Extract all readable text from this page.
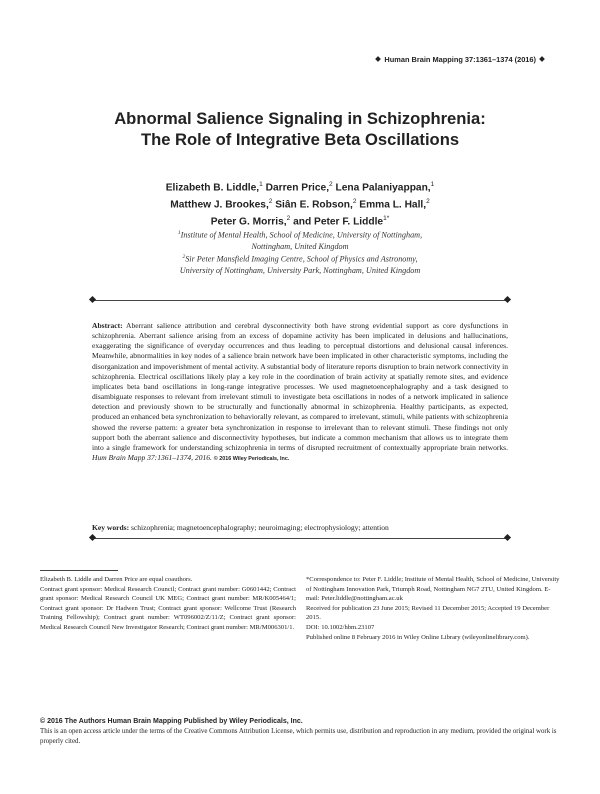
Human Brain Mapping 37:1361–1374 (2016)
Abnormal Salience Signaling in Schizophrenia:
The Role of Integrative Beta Oscillations
Elizabeth B. Liddle,$^1$ Darren Price,$^2$ Lena Palaniyappan,$^1$
Matthew J. Brookes,$^2$ Siân E. Robson,$^2$ Emma L. Hall,$^2$
Peter G. Morris,$^2$ and Peter F. Liddle$^{1*}$
$^1$Institute of Mental Health, School of Medicine, University of Nottingham,
Nottingham, United Kingdom
$^2$Sir Peter Mansfield Imaging Centre, School of Physics and Astronomy,
University of Nottingham, University Park, Nottingham, United Kingdom

Abstract: Aberrant salience attribution and cerebral dysconnectivity both have strong evidential support as core dysfunctions in schizophrenia. Aberrant salience arising from an excess of dopamine activity has been implicated in delusions and hallucinations, exaggerating the significance of everyday occurrences and thus leading to perceptual distortions and delusional causal inferences. Meanwhile, abnormalities in key nodes of a salience brain network have been implicated in other characteristic symptoms, including the disorganization and impoverishment of mental activity. A substantial body of literature reports disruption to brain network connectivity in schizophrenia. Electrical oscillations likely play a key role in the coordination of brain activity at spatially remote sites, and evidence implicates beta band oscillations in long-range integrative processes. We used magnetoencephalography and a task designed to disambiguate responses to relevant from irrelevant stimuli to investigate beta oscillations in nodes of a network implicated in salience detection and previously shown to be structurally and functionally abnormal in schizophrenia. Healthy participants, as expected, produced an enhanced beta synchronization to behaviorally relevant, as compared to irrelevant, stimuli, while patients with schizophrenia showed the reverse pattern: a greater beta synchronization in response to irrelevant than to relevant stimuli. These findings not only support both the aberrant salience and disconnectivity hypotheses, but indicate a common mechanism that allows us to integrate them into a single framework for understanding schizophrenia in terms of disrupted recruitment of contextually appropriate brain networks. Hum Brain Mapp 37:1361–1374, 2016. © 2016 Wiley Periodicals, Inc.

Key words: schizophrenia; magnetoencephalography; neuroimaging; electrophysiology; attention

Elizabeth B. Liddle and Darren Price are equal coauthors.

Contract grant sponsor: Medical Research Council; Contract grant number: G0601442; Contract grant sponsor: Medical Research Council UK MEG; Contract grant number: MR/K005464/1; Contract grant sponsor: Dr Hadwen Trust; Contract grant sponsor: Wellcome Trust (Research Training Fellowship); Contract grant number: WT096002/Z/11/Z; Contract grant sponsor: Medical Research Council New Investigator Research; Contract grant number: MR/M006301/1.

*Correspondence to: Peter F. Liddle; Institute of Mental Health, School of Medicine, University of Nottingham Innovation Park, Triumph Road, Nottingham NG7 2TU, United Kingdom. E-mail: Peter.liddle@nottingham.ac.uk

Received for publication 23 June 2015; Revised 11 December 2015; Accepted 19 December 2015.

DOI: 10.1002/hbm.23107

Published online 8 February 2016 in Wiley Online Library (wileyonlinelibrary.com).

© 2016 The Authors Human Brain Mapping Published by Wiley Periodicals, Inc.

This is an open access article under the terms of the Creative Commons Attribution License, which permits use, distribution and reproduction in any medium, provided the original work is properly cited.
